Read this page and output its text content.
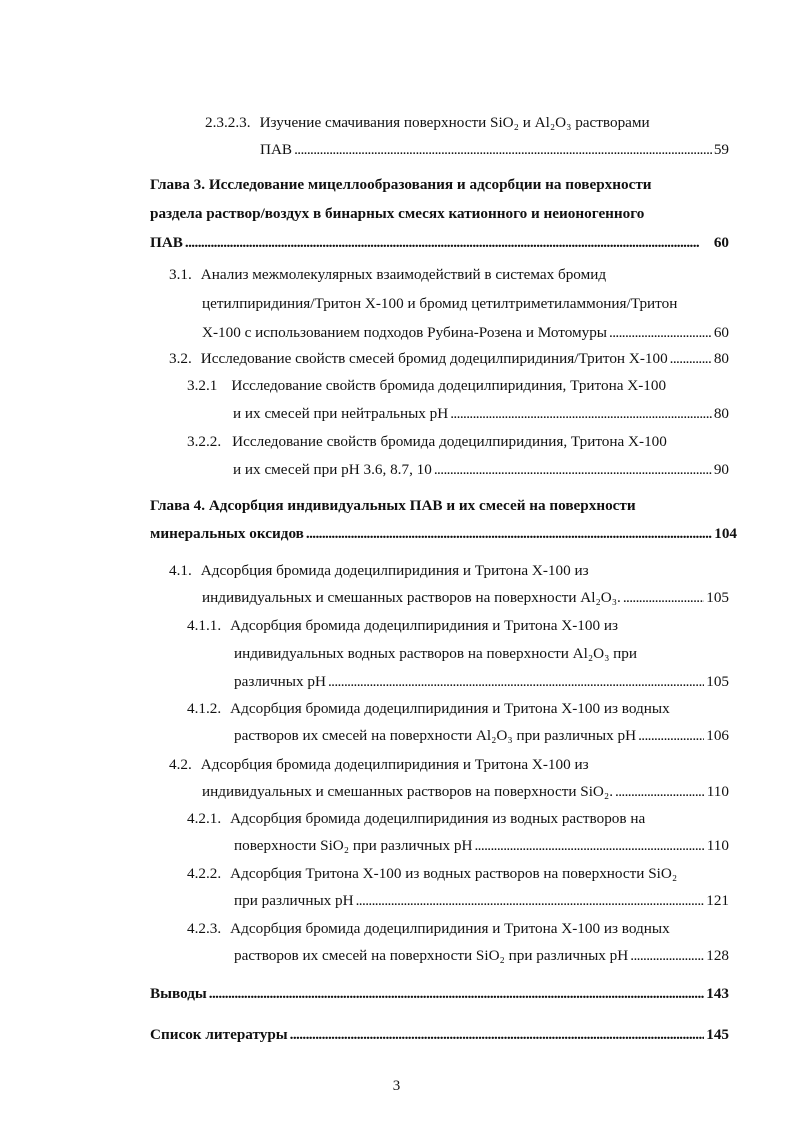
2.3.2.3. Изучение смачивания поверхности SiO₂ и Al₂O₃ растворами
ПАВ . . .	59
Глава 3. Исследование мицеллообразования и адсорбции на поверхности
раздела раствор/воздух в бинарных смесях катионного и неионогенного
ПАВ . . .	60
3.1. Анализ межмолекулярных взаимодействий в системах бромид
цетилпиридиния/Тритон Х-100 и бромид цетилтриметиламмония/Тритон
Х-100 с использованием подходов Рубина-Розена и Мотомуры . . .	60
3.2. Исследование свойств смесей бромид додецилпиридиния/Тритон Х-100 . . .	80
3.2.1 Исследование свойств бромида додецилпиридиния, Тритона Х-100
и их смесей при нейтральных pH . . .	80
3.2.2. Исследование свойств бромида додецилпиридиния, Тритона Х-100
и их смесей при pH 3.6, 8.7, 10 . . .	90
Глава 4. Адсорбция индивидуальных ПАВ и их смесей на поверхности
минеральных оксидов . . .	104
4.1. Адсорбция бромида додецилпиридиния и Тритона Х-100 из
индивидуальных и смешанных растворов на поверхности Al₂O₃. . . .	105
4.1.1. Адсорбция бромида додецилпиридиния и Тритона Х-100 из
индивидуальных водных растворов на поверхности Al₂O₃ при
различных pH . . .	105
4.1.2. Адсорбция бромида додецилпиридиния и Тритона Х-100 из водных
растворов их смесей на поверхности Al₂O₃ при различных pH . . .	106
4.2. Адсорбция бромида додецилпиридиния и Тритона Х-100 из
индивидуальных и смешанных растворов на поверхности SiO₂. . . .	110
4.2.1. Адсорбция бромида додецилпиридиния из водных растворов на
поверхности SiO₂ при различных pH . . .	110
4.2.2. Адсорбция Тритона Х-100 из водных растворов на поверхности SiO₂
при различных pH . . .	121
4.2.3. Адсорбция бромида додецилпиридиния и Тритона Х-100 из водных
растворов их смесей на поверхности SiO₂ при различных pH . . .	128
Выводы . . .	143
Список литературы . . .	145
3
